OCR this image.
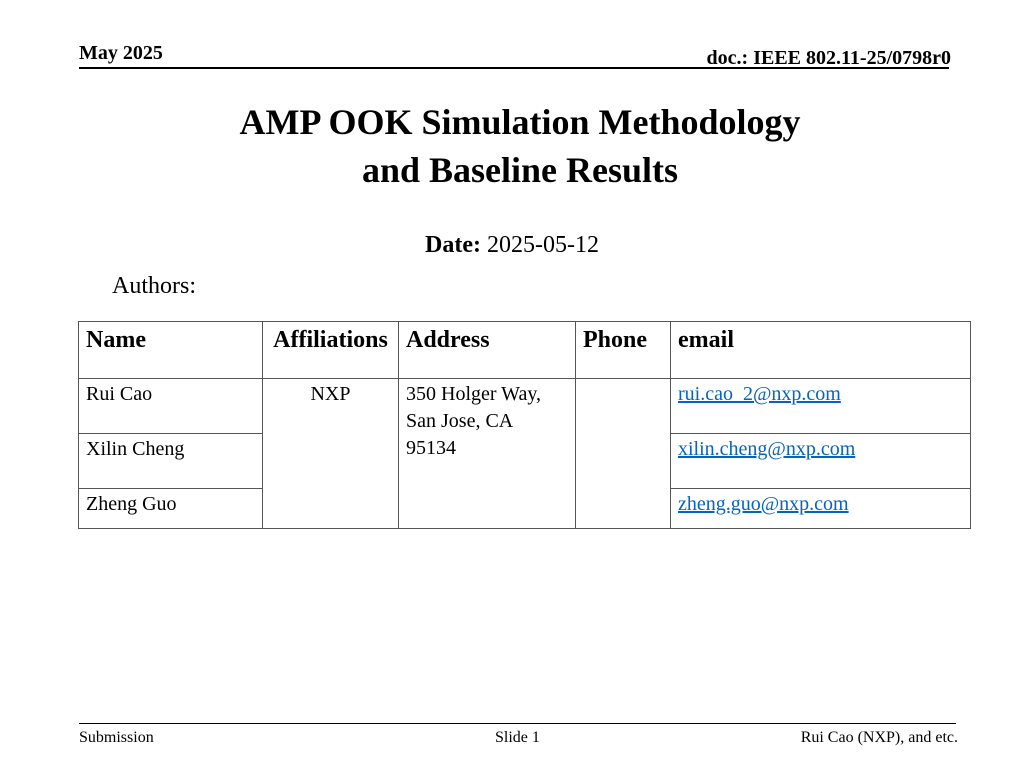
May 2025	doc.: IEEE 802.11-25/0798r0
AMP OOK Simulation Methodology
and Baseline Results
Date: 2025-05-12
Authors:
Name	Affiliations	Address	Phone	email
Rui Cao	NXP	350 Holger Way,
San Jose, CA
95134		rui.cao_2@nxp.com
Xilin Cheng				xilin.cheng@nxp.com
Zheng Guo				zheng.guo@nxp.com
Submission	Slide 1	Rui Cao (NXP), and etc.
